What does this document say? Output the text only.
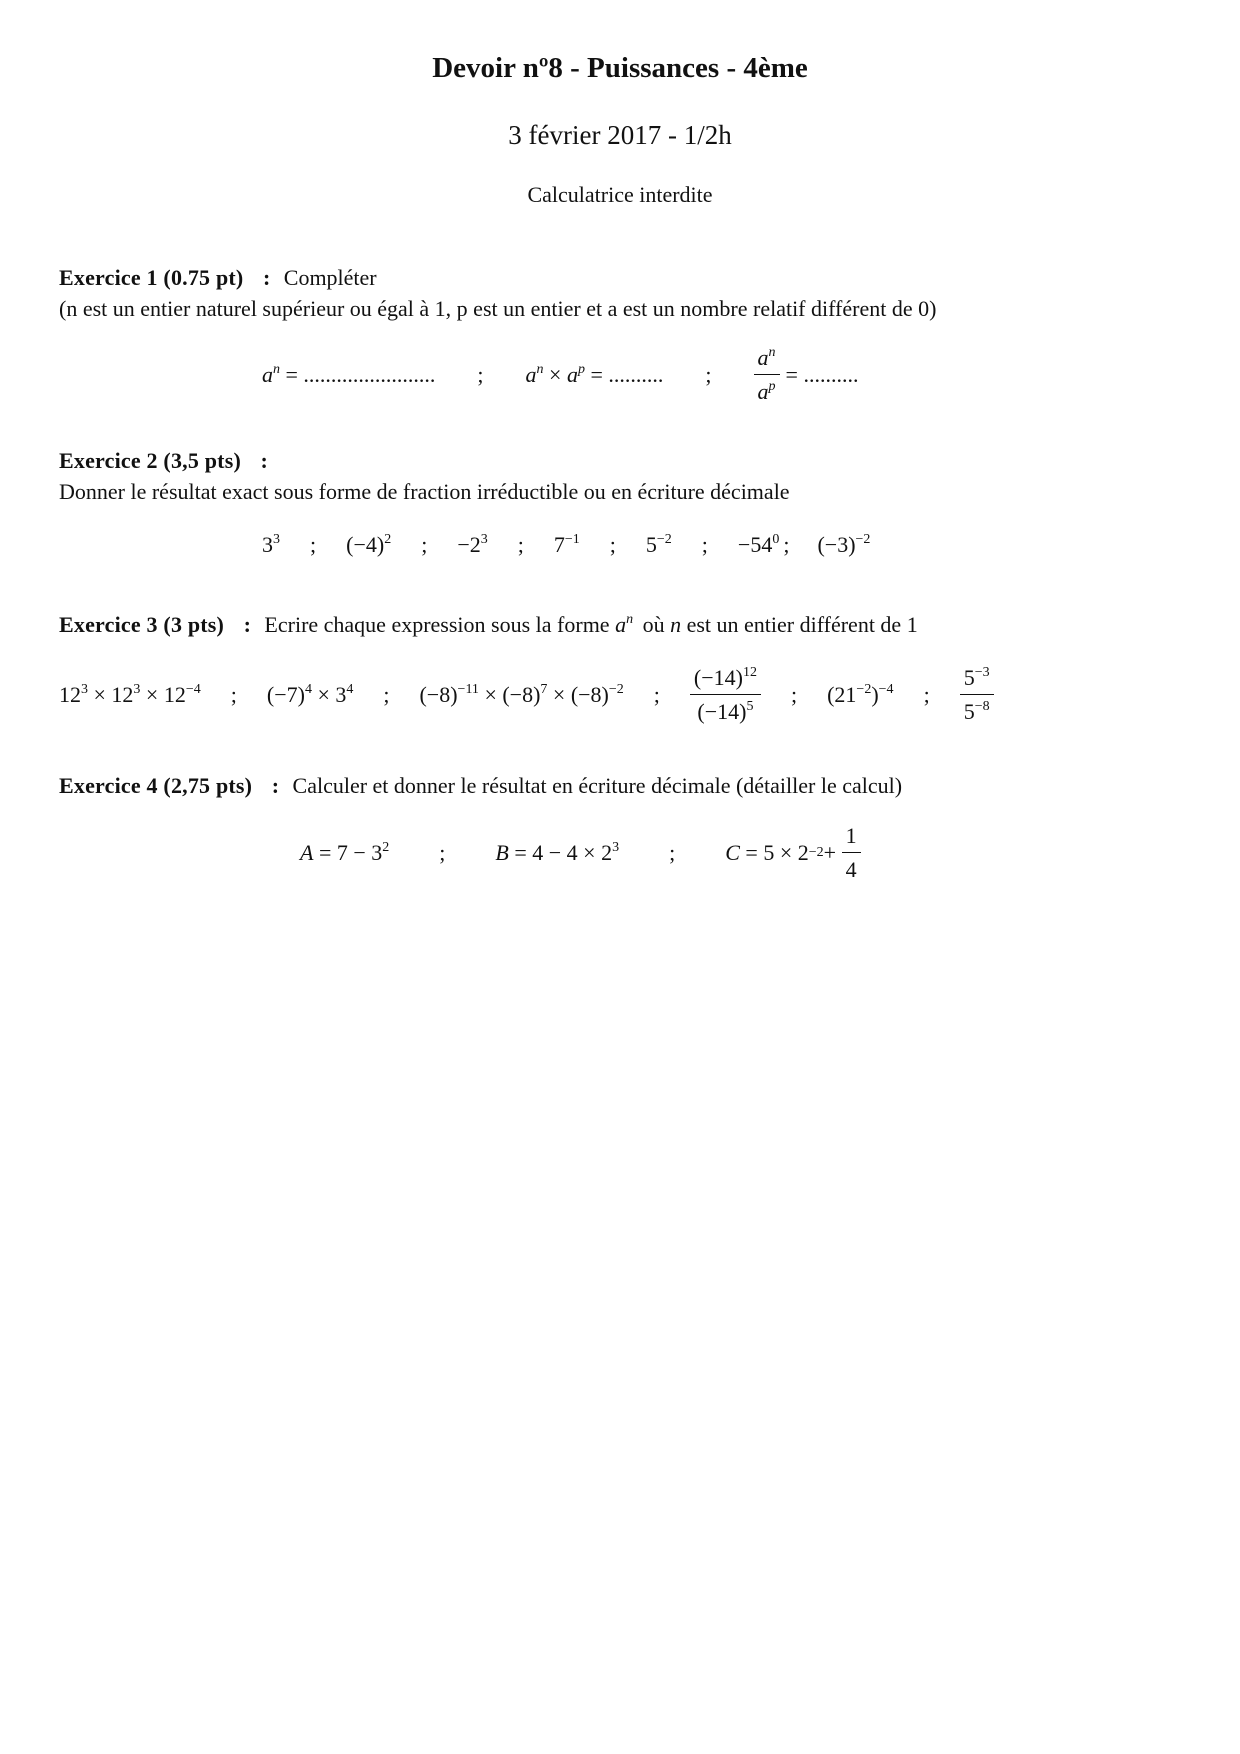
Devoir nº8 - Puissances - 4ème
3 février 2017 - 1/2h
Calculatrice interdite
Exercice 1 (0.75 pt) : Compléter
(n est un entier naturel supérieur ou égal à 1, p est un entier et a est un nombre relatif différent de 0)
$a^n$ = ........................ ; $a^n \times a^p$ = .......... ; $\frac{a^n}{a^p}$ = ..........
Exercice 2 (3,5 pts) :
Donner le résultat exact sous forme de fraction irréductible ou en écriture décimale
$3^3$ ; $(-4)^2$ ; $-2^3$ ; $7^{-1}$ ; $5^{-2}$ ; $-54^0$ ; $(-3)^{-2}$
Exercice 3 (3 pts) : Ecrire chaque expression sous la forme $a^n$ où n est un entier différent de 1
$12^3 \times 12^3 \times 12^{-4}$ ; $(-7)^4 \times 3^4$ ; $(-8)^{-11} \times (-8)^7 \times (-8)^{-2}$ ; $\frac{(-14)^{12}}{(-14)^5}$ ; $(21^{-2})^{-4}$ ; $\frac{5^{-3}}{5^{-8}}$
Exercice 4 (2,75 pts) : Calculer et donner le résultat en écriture décimale (détailler le calcul)
$A = 7 - 3^2$ ; $B = 4 - 4 \times 2^3$ ; $C = 5 \times 2 -2 + \frac{1}{4}$
